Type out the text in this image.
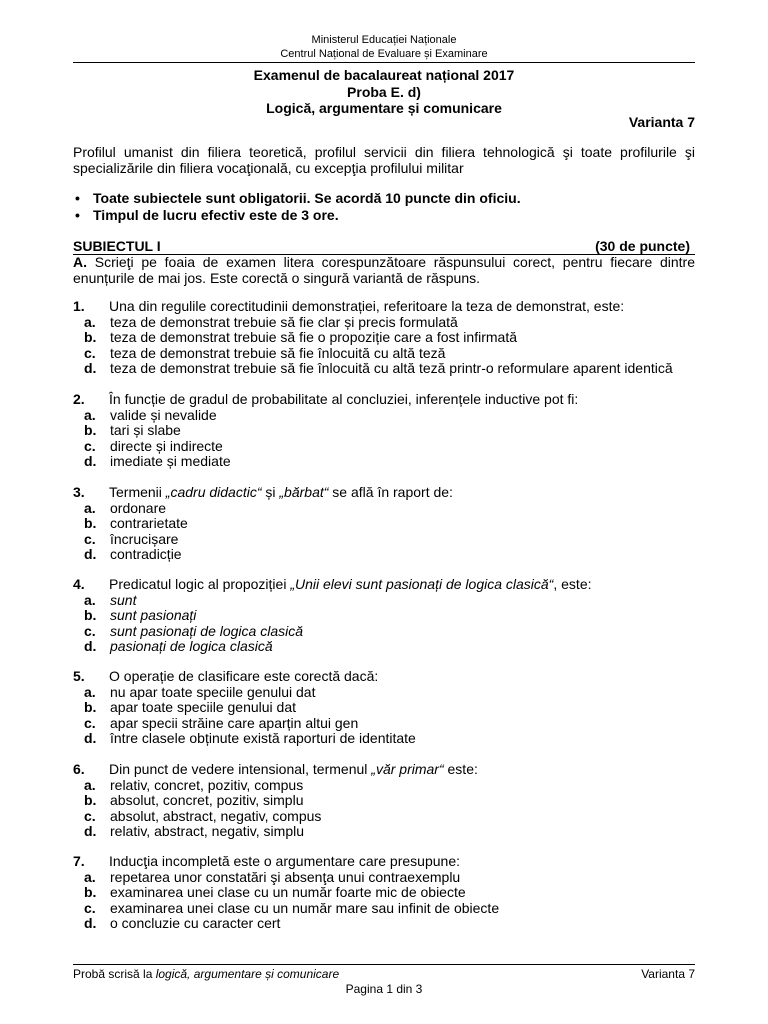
Ministerul Educației Naționale
Centrul Național de Evaluare și Examinare
Examenul de bacalaureat național 2017
Proba E. d)
Logică, argumentare și comunicare
Varianta 7
Profilul umanist din filiera teoretică, profilul servicii din filiera tehnologică şi toate profilurile şi specializările din filiera vocaţională, cu excepţia profilului militar
• Toate subiectele sunt obligatorii. Se acordă 10 puncte din oficiu.
• Timpul de lucru efectiv este de 3 ore.
SUBIECTUL I	(30 de puncte)
A. Scrieţi pe foaia de examen litera corespunzătoare răspunsului corect, pentru fiecare dintre enunțurile de mai jos. Este corectă o singură variantă de răspuns.
1. Una din regulile corectitudinii demonstrației, referitoare la teza de demonstrat, este:
a. teza de demonstrat trebuie să fie clar și precis formulată
b. teza de demonstrat trebuie să fie o propoziție care a fost infirmată
c. teza de demonstrat trebuie să fie înlocuită cu altă teză
d. teza de demonstrat trebuie să fie înlocuită cu altă teză printr-o reformulare aparent identică
2. În funcție de gradul de probabilitate al concluziei, inferențele inductive pot fi:
a. valide și nevalide
b. tari și slabe
c. directe și indirecte
d. imediate și mediate
3. Termenii „cadru didactic“ și „bărbat“ se află în raport de:
a. ordonare
b. contrarietate
c. încrucișare
d. contradicție
4. Predicatul logic al propoziției „Unii elevi sunt pasionați de logica clasică“, este:
a. sunt
b. sunt pasionați
c. sunt pasionați de logica clasică
d. pasionați de logica clasică
5. O operație de clasificare este corectă dacă:
a. nu apar toate speciile genului dat
b. apar toate speciile genului dat
c. apar specii străine care aparțin altui gen
d. între clasele obținute există raporturi de identitate
6. Din punct de vedere intensional, termenul „văr primar“ este:
a. relativ, concret, pozitiv, compus
b. absolut, concret, pozitiv, simplu
c. absolut, abstract, negativ, compus
d. relativ, abstract, negativ, simplu
7. Inducţia incompletă este o argumentare care presupune:
a. repetarea unor constatări şi absenţa unui contraexemplu
b. examinarea unei clase cu un număr foarte mic de obiecte
c. examinarea unei clase cu un număr mare sau infinit de obiecte
d. o concluzie cu caracter cert
Probă scrisă la logică, argumentare și comunicare	Varianta 7
Pagina 1 din 3
